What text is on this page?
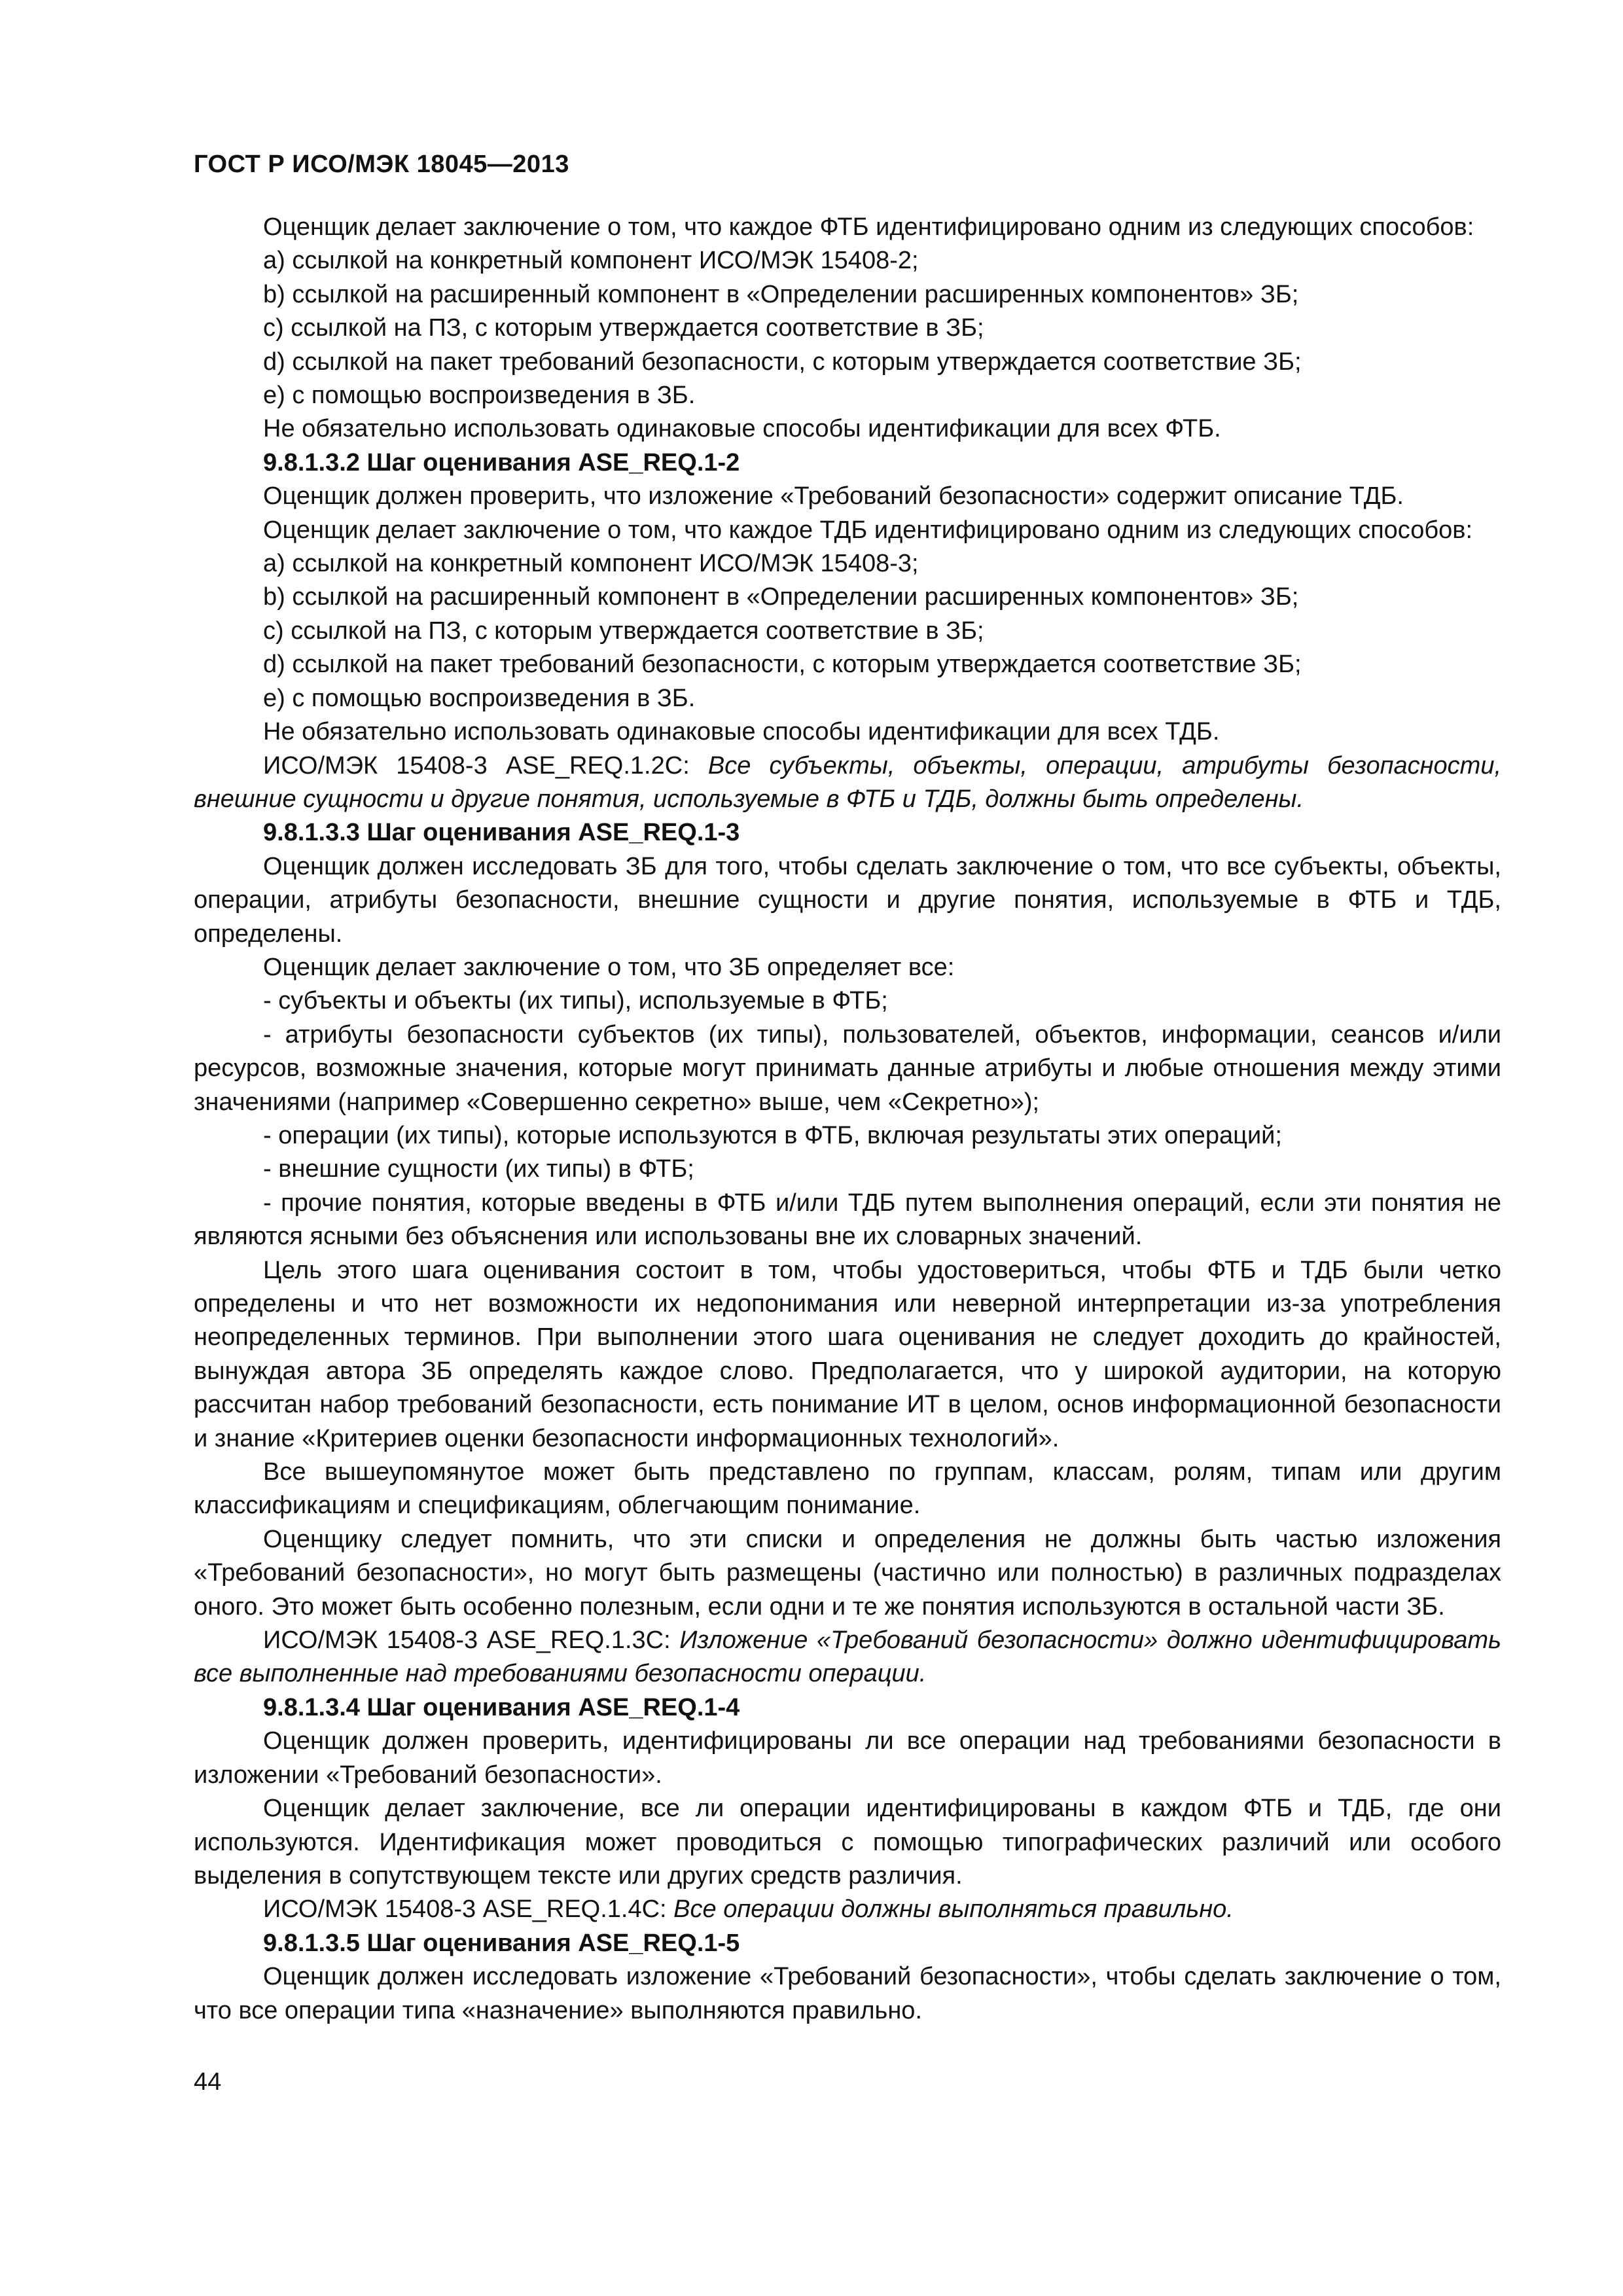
ГОСТ Р ИСО/МЭК 18045—2013

Оценщик делает заключение о том, что каждое ФТБ идентифицировано одним из следующих способов:

a) ссылкой на конкретный компонент ИСО/МЭК 15408-2;

b) ссылкой на расширенный компонент в «Определении расширенных компонентов» ЗБ;

c) ссылкой на ПЗ, с которым утверждается соответствие в ЗБ;

d) ссылкой на пакет требований безопасности, с которым утверждается соответствие ЗБ;

e) с помощью воспроизведения в ЗБ.

Не обязательно использовать одинаковые способы идентификации для всех ФТБ.

9.8.1.3.2 Шаг оценивания ASE_REQ.1-2

Оценщик должен проверить, что изложение «Требований безопасности» содержит описание ТДБ.

Оценщик делает заключение о том, что каждое ТДБ идентифицировано одним из следующих способов:

a) ссылкой на конкретный компонент ИСО/МЭК 15408-3;

b) ссылкой на расширенный компонент в «Определении расширенных компонентов» ЗБ;

c) ссылкой на ПЗ, с которым утверждается соответствие в ЗБ;

d) ссылкой на пакет требований безопасности, с которым утверждается соответствие ЗБ;

e) с помощью воспроизведения в ЗБ.

Не обязательно использовать одинаковые способы идентификации для всех ТДБ.

ИСО/МЭК 15408-3 ASE_REQ.1.2C: Все субъекты, объекты, операции, атрибуты безопасности, внешние сущности и другие понятия, используемые в ФТБ и ТДБ, должны быть определены.

9.8.1.3.3 Шаг оценивания ASE_REQ.1-3

Оценщик должен исследовать ЗБ для того, чтобы сделать заключение о том, что все субъекты, объекты, операции, атрибуты безопасности, внешние сущности и другие понятия, используемые в ФТБ и ТДБ, определены.

Оценщик делает заключение о том, что ЗБ определяет все:

- субъекты и объекты (их типы), используемые в ФТБ;

- атрибуты безопасности субъектов (их типы), пользователей, объектов, информации, сеансов и/или ресурсов, возможные значения, которые могут принимать данные атрибуты и любые отношения между этими значениями (например «Совершенно секретно» выше, чем «Секретно»);

- операции (их типы), которые используются в ФТБ, включая результаты этих операций;

- внешние сущности (их типы) в ФТБ;

- прочие понятия, которые введены в ФТБ и/или ТДБ путем выполнения операций, если эти понятия не являются ясными без объяснения или использованы вне их словарных значений.

Цель этого шага оценивания состоит в том, чтобы удостовериться, чтобы ФТБ и ТДБ были четко определены и что нет возможности их недопонимания или неверной интерпретации из-за употребления неопределенных терминов. При выполнении этого шага оценивания не следует доходить до крайностей, вынуждая автора ЗБ определять каждое слово. Предполагается, что у широкой аудитории, на которую рассчитан набор требований безопасности, есть понимание ИТ в целом, основ информационной безопасности и знание «Критериев оценки безопасности информационных технологий».

Все вышеупомянутое может быть представлено по группам, классам, ролям, типам или другим классификациям и спецификациям, облегчающим понимание.

Оценщику следует помнить, что эти списки и определения не должны быть частью изложения «Требований безопасности», но могут быть размещены (частично или полностью) в различных подразделах оного. Это может быть особенно полезным, если одни и те же понятия используются в остальной части ЗБ.

ИСО/МЭК 15408-3 ASE_REQ.1.3C: Изложение «Требований безопасности» должно идентифицировать все выполненные над требованиями безопасности операции.

9.8.1.3.4 Шаг оценивания ASE_REQ.1-4

Оценщик должен проверить, идентифицированы ли все операции над требованиями безопасности в изложении «Требований безопасности».

Оценщик делает заключение, все ли операции идентифицированы в каждом ФТБ и ТДБ, где они используются. Идентификация может проводиться с помощью типографических различий или особого выделения в сопутствующем тексте или других средств различия.

ИСО/МЭК 15408-3 ASE_REQ.1.4C: Все операции должны выполняться правильно.

9.8.1.3.5 Шаг оценивания ASE_REQ.1-5

Оценщик должен исследовать изложение «Требований безопасности», чтобы сделать заключение о том, что все операции типа «назначение» выполняются правильно.

44
